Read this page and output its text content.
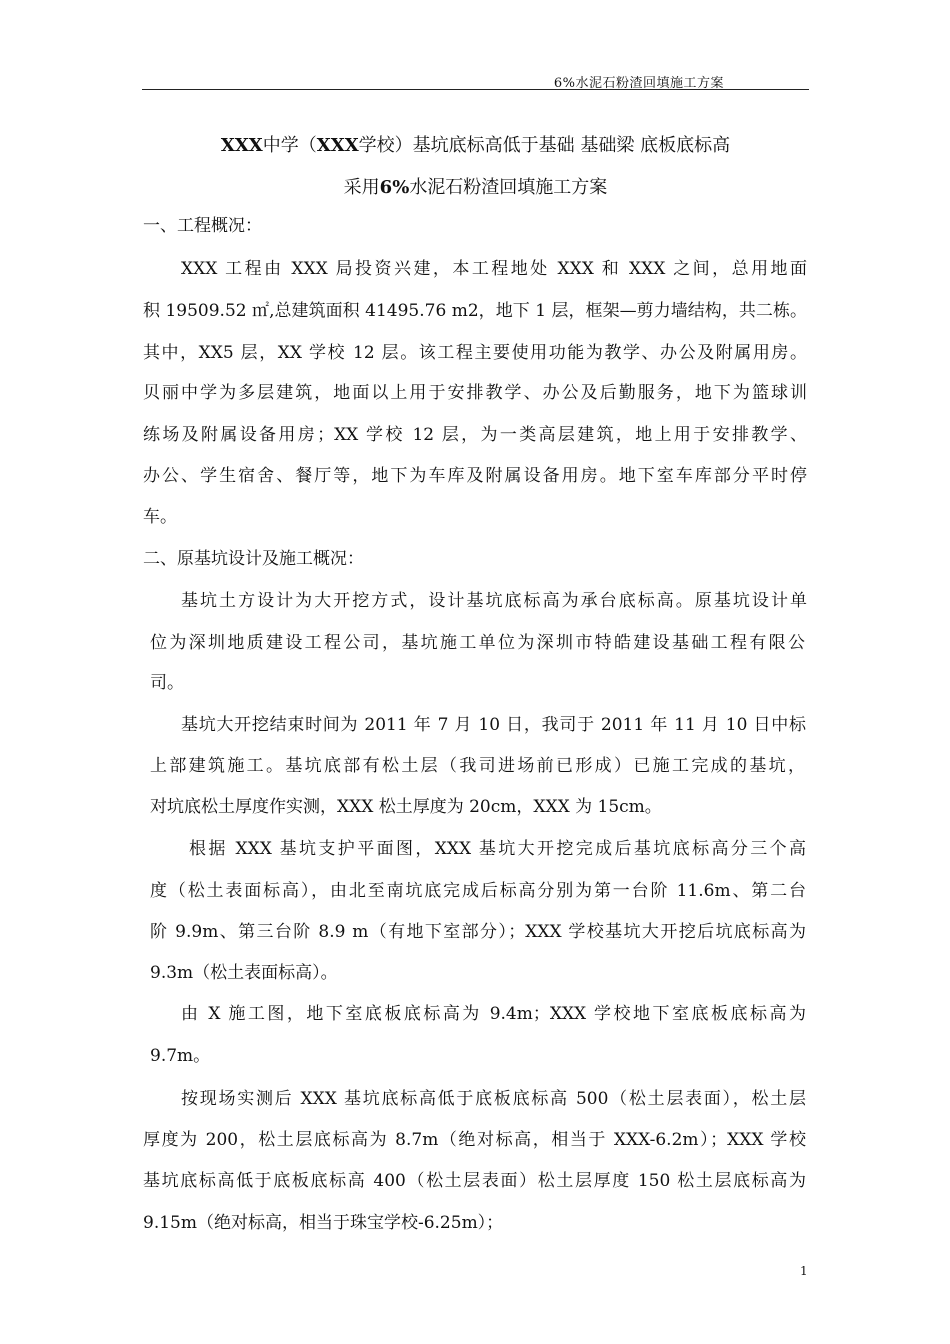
6%水泥石粉渣回填施工方案
XXX中学（XXX学校）基坑底标高低于基础 基础梁 底板底标高
采用6%水泥石粉渣回填施工方案
一、工程概况：
XXX 工程由 XXX 局投资兴建，本工程地处 XXX 和 XXX 之间，总用地面
积 19509.52 ㎡,总建筑面积 41495.76 m2，地下 1 层，框架—剪力墙结构，共二栋。
其中，XX5 层，XX 学校 12 层。该工程主要使用功能为教学、办公及附属用房。
贝丽中学为多层建筑，地面以上用于安排教学、办公及后勤服务，地下为篮球训
练场及附属设备用房；XX 学校 12 层，为一类高层建筑，地上用于安排教学、
办公、学生宿舍、餐厅等，地下为车库及附属设备用房。地下室车库部分平时停
车。
二、原基坑设计及施工概况：
基坑土方设计为大开挖方式，设计基坑底标高为承台底标高。原基坑设计单
位为深圳地质建设工程公司，基坑施工单位为深圳市特皓建设基础工程有限公
司。
基坑大开挖结束时间为 2011 年 7 月 10 日，我司于 2011 年 11 月 10 日中标
上部建筑施工。基坑底部有松土层（我司进场前已形成）已施工完成的基坑，
对坑底松土厚度作实测，XXX 松土厚度为 20cm，XXX 为 15cm。
根据 XXX 基坑支护平面图，XXX 基坑大开挖完成后基坑底标高分三个高
度（松土表面标高），由北至南坑底完成后标高分别为第一台阶 11.6m、第二台
阶 9.9m、第三台阶 8.9 m（有地下室部分）；XXX 学校基坑大开挖后坑底标高为
9.3m（松土表面标高）。
由 X 施工图，地下室底板底标高为 9.4m；XXX 学校地下室底板底标高为
9.7m。
按现场实测后 XXX 基坑底标高低于底板底标高 500（松土层表面），松土层
厚度为 200，松土层底标高为 8.7m（绝对标高，相当于 XXX-6.2m）；XXX 学校
基坑底标高低于底板底标高 400（松土层表面）松土层厚度 150 松土层底标高为
9.15m（绝对标高，相当于珠宝学校-6.25m）；
1
